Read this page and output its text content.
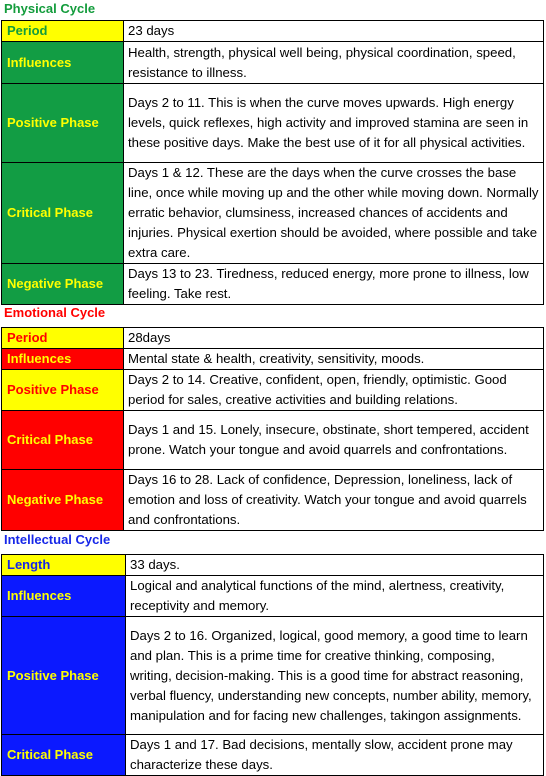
Physical Cycle
Period	23 days
Influences	Health, strength, physical well being, physical coordination, speed, resistance to illness.
Positive Phase	Days 2 to 11. This is when the curve moves upwards. High energy levels, quick reflexes, high activity and improved stamina are seen in these positive days. Make the best use of it for all physical activities.
Critical Phase	Days 1 & 12. These are the days when the curve crosses the base line, once while moving up and the other while moving down. Normally erratic behavior, clumsiness, increased chances of accidents and injuries. Physical exertion should be avoided, where possible and take extra care.
Negative Phase	Days 13 to 23. Tiredness, reduced energy, more prone to illness, low feeling. Take rest.
Emotional Cycle
Period	28days
Influences	Mental state & health, creativity, sensitivity, moods.
Positive Phase	Days 2 to 14. Creative, confident, open, friendly, optimistic. Good period for sales, creative activities and building relations.
Critical Phase	Days 1 and 15. Lonely, insecure, obstinate, short tempered, accident prone. Watch your tongue and avoid quarrels and confrontations.
Negative Phase	Days 16 to 28. Lack of confidence, Depression, loneliness, lack of emotion and loss of creativity. Watch your tongue and avoid quarrels and confrontations.
Intellectual Cycle
Length	33 days.
Influences	Logical and analytical functions of the mind, alertness, creativity, receptivity and memory.
Positive Phase	Days 2 to 16. Organized, logical, good memory, a good time to learn and plan. This is a prime time for creative thinking, composing, writing, decision-making. This is a good time for abstract reasoning, verbal fluency, understanding new concepts, number ability, memory, manipulation and for facing new challenges, takingon assignments.
Critical Phase	Days 1 and 17. Bad decisions, mentally slow, accident prone may characterize these days.
